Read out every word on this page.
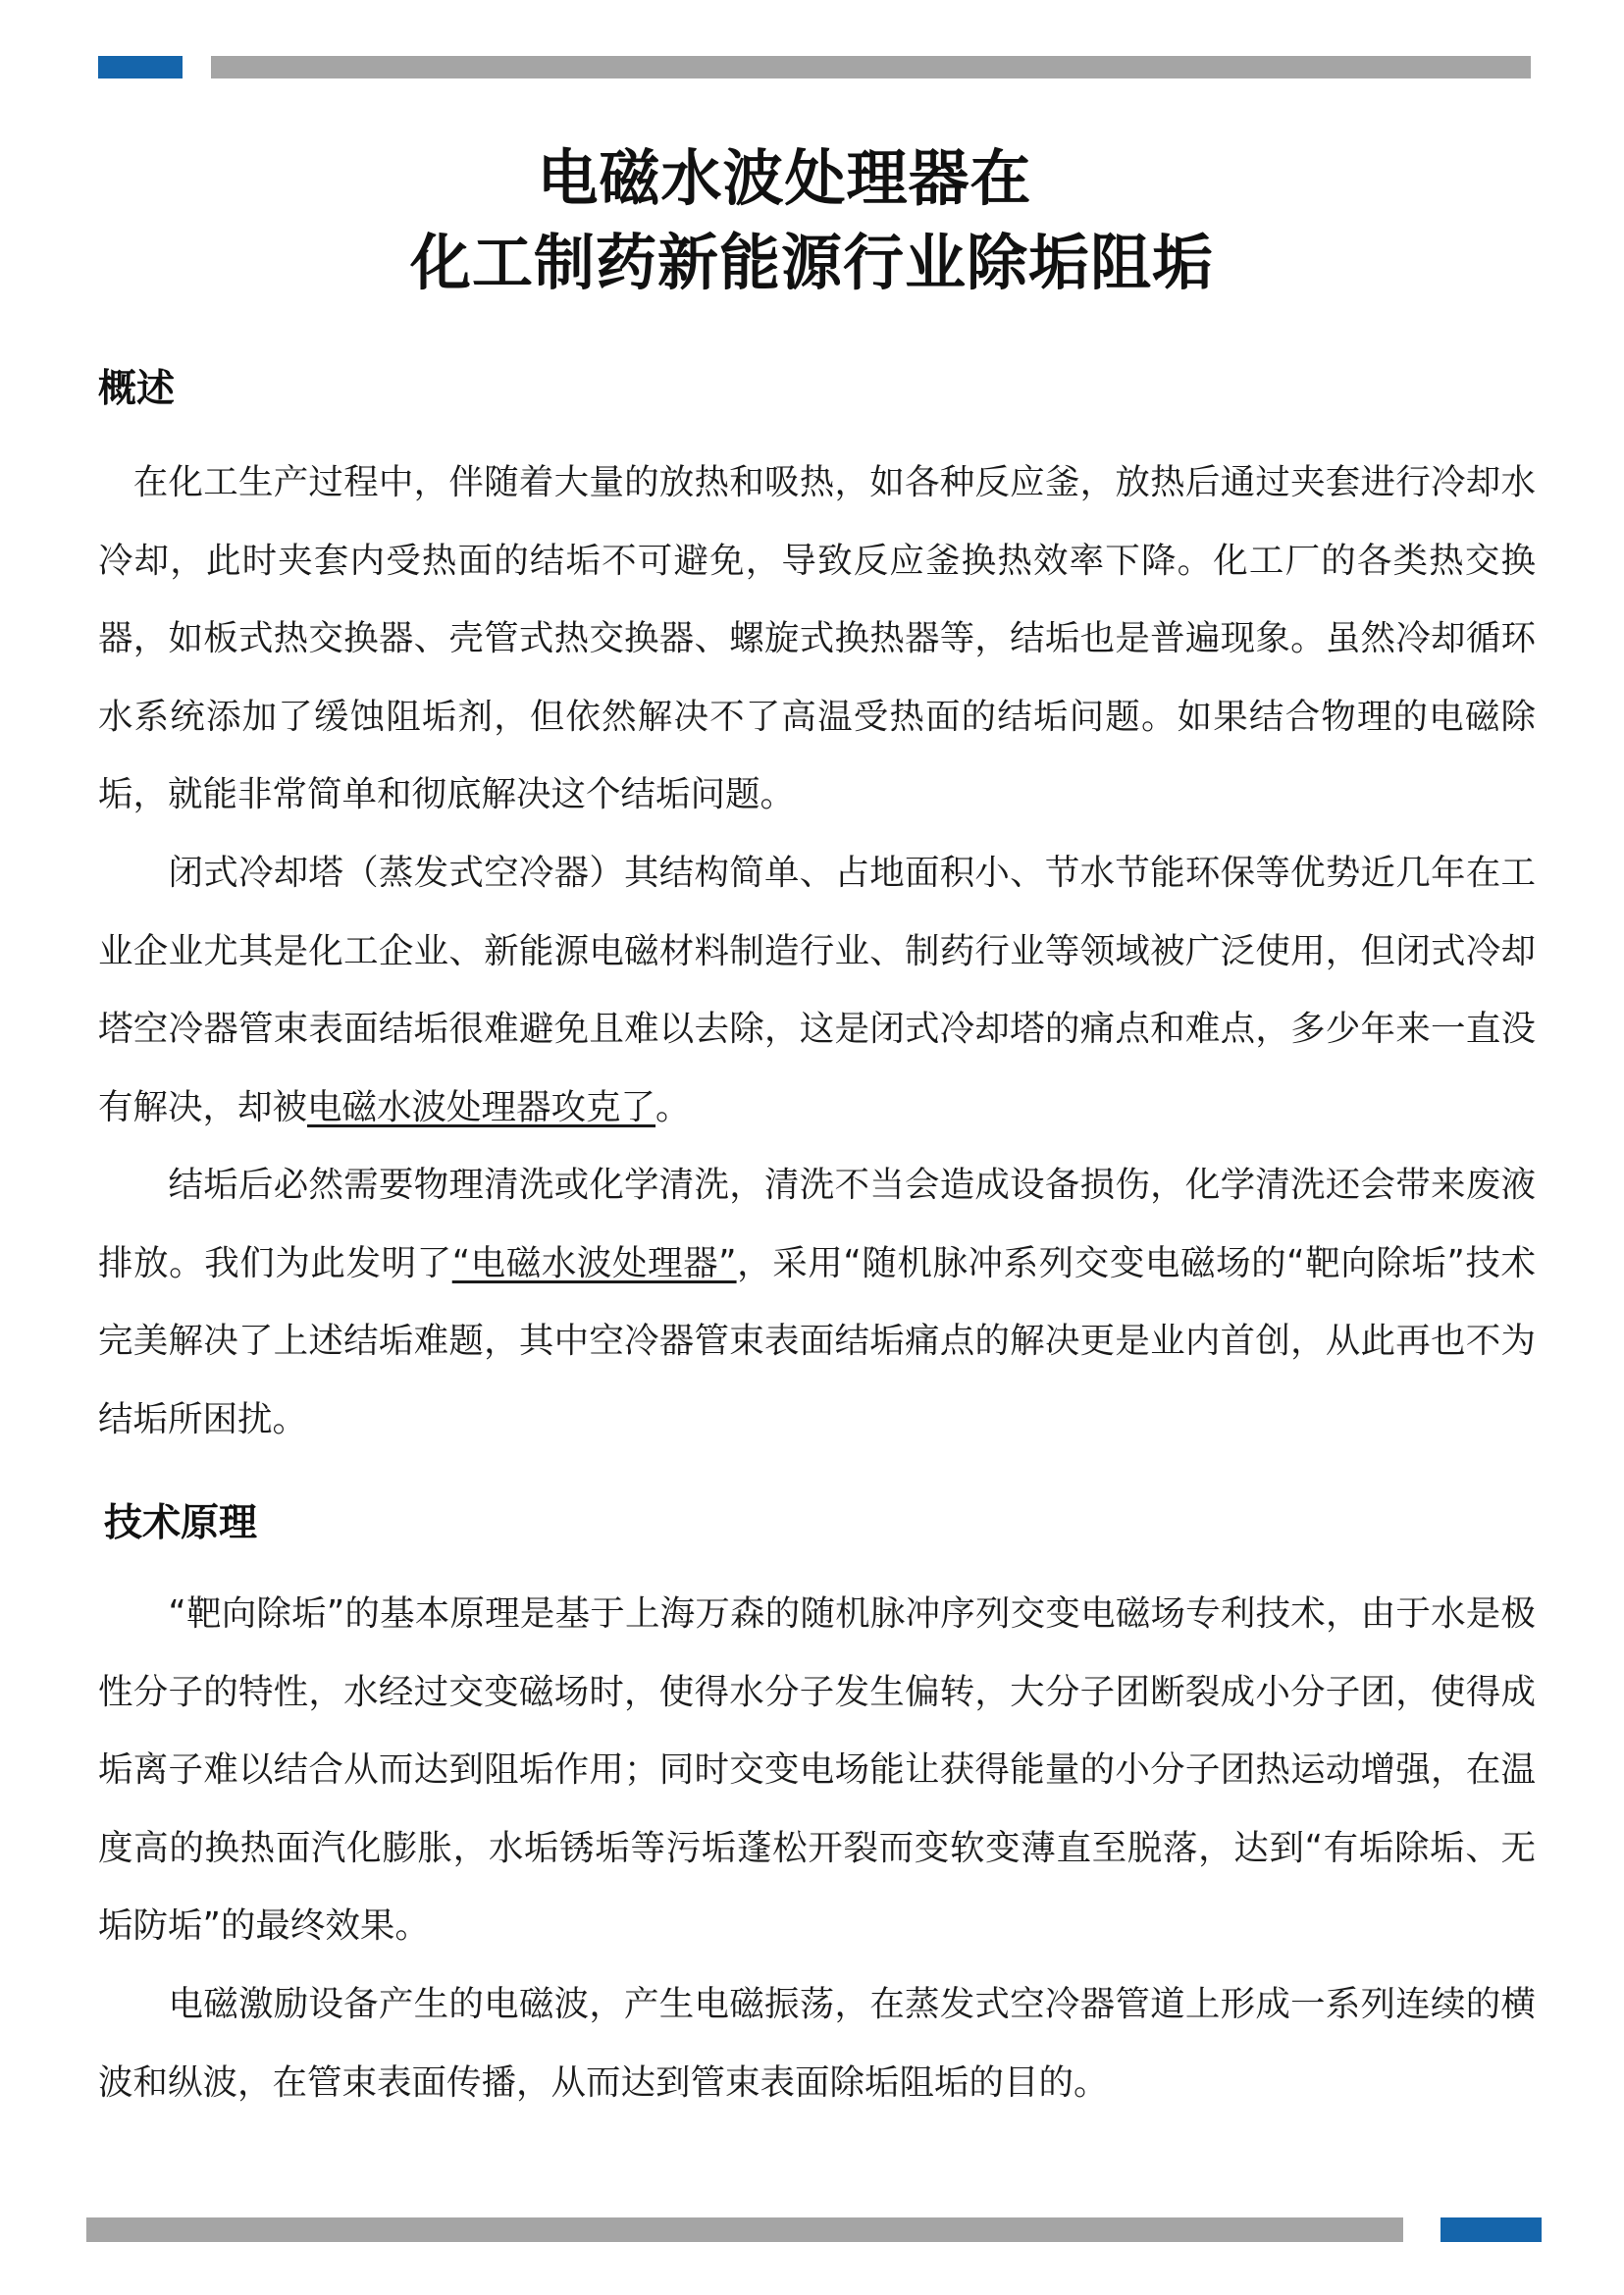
电磁水波处理器在
化工制药新能源行业除垢阻垢
概述

　在化工生产过程中，伴随着大量的放热和吸热，如各种反应釜，放热后通过夹套进行冷却水冷却，此时夹套内受热面的结垢不可避免，导致反应釜换热效率下降。化工厂的各类热交换器，如板式热交换器、壳管式热交换器、螺旋式换热器等，结垢也是普遍现象。虽然冷却循环水系统添加了缓蚀阻垢剂，但依然解决不了高温受热面的结垢问题。如果结合物理的电磁除垢，就能非常简单和彻底解决这个结垢问题。

　　闭式冷却塔（蒸发式空冷器）其结构简单、占地面积小、节水节能环保等优势近几年在工业企业尤其是化工企业、新能源电磁材料制造行业、制药行业等领域被广泛使用，但闭式冷却塔空冷器管束表面结垢很难避免且难以去除，这是闭式冷却塔的痛点和难点，多少年来一直没有解决，却被电磁水波处理器攻克了。

　　结垢后必然需要物理清洗或化学清洗，清洗不当会造成设备损伤，化学清洗还会带来废液排放。我们为此发明了“电磁水波处理器”，采用“随机脉冲系列交变电磁场的“靶向除垢”技术完美解决了上述结垢难题，其中空冷器管束表面结垢痛点的解决更是业内首创，从此再也不为结垢所困扰。

技术原理

　　“靶向除垢”的基本原理是基于上海万森的随机脉冲序列交变电磁场专利技术，由于水是极性分子的特性，水经过交变磁场时，使得水分子发生偏转，大分子团断裂成小分子团，使得成垢离子难以结合从而达到阻垢作用；同时交变电场能让获得能量的小分子团热运动增强，在温度高的换热面汽化膨胀，水垢锈垢等污垢蓬松开裂而变软变薄直至脱落，达到“有垢除垢、无垢防垢”的最终效果。

　　电磁激励设备产生的电磁波，产生电磁振荡，在蒸发式空冷器管道上形成一系列连续的横波和纵波，在管束表面传播，从而达到管束表面除垢阻垢的目的。
